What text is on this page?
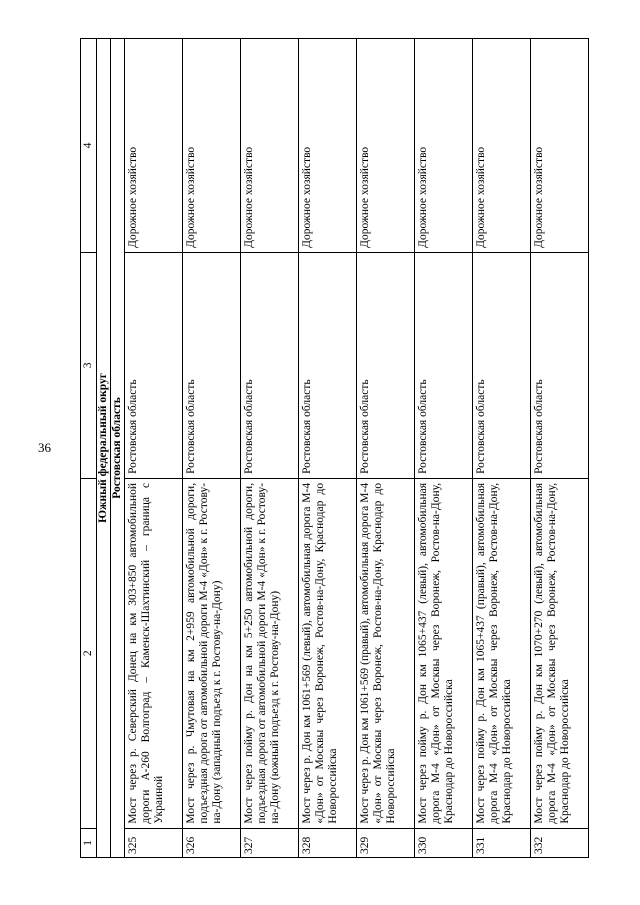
36
1	2	3	4
Южный федеральный округ			
Ростовская область			
325	Мост через р. Северский Донец на км 303+850 автомобильной дороги А-260 Волгоград – Каменск-Шахтинский – граница с Украиной	Ростовская область	Дорожное хозяйство
326	Мост через р. Чмутовая на км 2+959 автомобильной дороги, подъездная дорога от автомобильной дороги М-4 «Дон» к г. Ростову-на-Дону (западный подъезд к г. Ростову-на-Дону)	Ростовская область	Дорожное хозяйство
327	Мост через пойму р. Дон на км 5+250 автомобильной дороги, подъездная дорога от автомобильной дороги М-4 «Дон» к г. Ростову-на-Дону (южный подъезд к г. Ростову-на-Дону)	Ростовская область	Дорожное хозяйство
328	Мост через р. Дон км 1061+569 (левый), автомобильная дорога М-4 «Дон» от Москвы через Воронеж, Ростов-на-Дону, Краснодар до Новороссийска	Ростовская область	Дорожное хозяйство
329	Мост через р. Дон км 1061+569 (правый), автомобильная дорога М-4 «Дон» от Москвы через Воронеж, Ростов-на-Дону, Краснодар до Новороссийска	Ростовская область	Дорожное хозяйство
330	Мост через пойму р. Дон км 1065+437 (левый), автомобильная дорога М-4 «Дон» от Москвы через Воронеж, Ростов-на-Дону, Краснодар до Новороссийска	Ростовская область	Дорожное хозяйство
331	Мост через пойму р. Дон км 1065+437 (правый), автомобильная дорога М-4 «Дон» от Москвы через Воронеж, Ростов-на-Дону, Краснодар до Новороссийска	Ростовская область	Дорожное хозяйство
332	Мост через пойму р. Дон км 1070+270 (левый), автомобильная дорога М-4 «Дон» от Москвы через Воронеж, Ростов-на-Дону, Краснодар до Новороссийска	Ростовская область	Дорожное хозяйство
